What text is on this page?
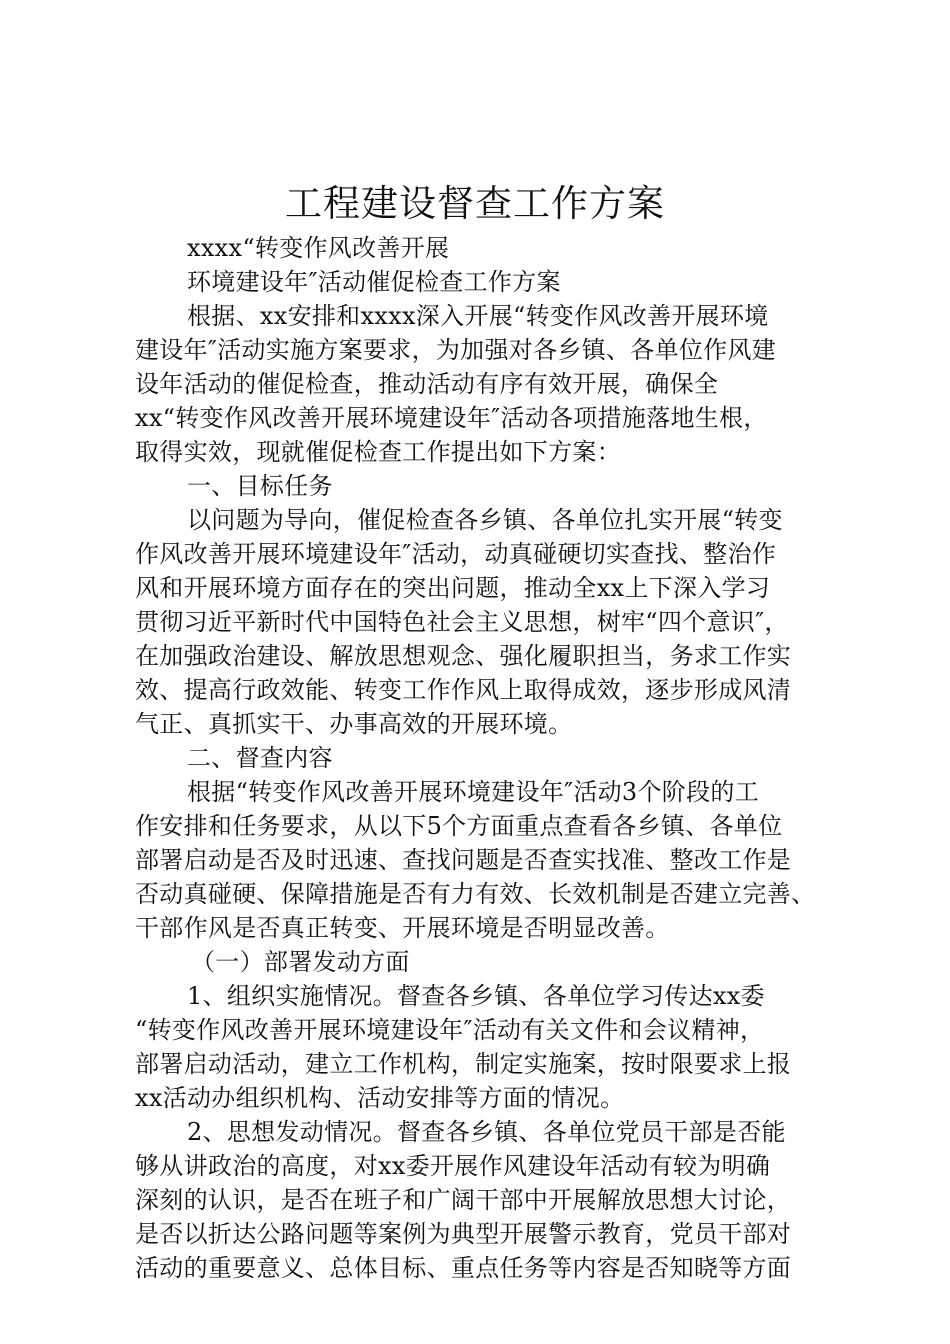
工程建设督查工作方案
xxxx“转变作风改善开展
环境建设年″活动催促检查工作方案
根据、xx安排和xxxx深入开展“转变作风改善开展环境
建设年″活动实施方案要求，为加强对各乡镇、各单位作风建
设年活动的催促检查，推动活动有序有效开展，确保全
xx“转变作风改善开展环境建设年″活动各项措施落地生根，
取得实效，现就催促检查工作提出如下方案：
一、目标任务
以问题为导向，催促检查各乡镇、各单位扎实开展“转变
作风改善开展环境建设年″活动，动真碰硬切实查找、整治作
风和开展环境方面存在的突出问题，推动全xx上下深入学习
贯彻习近平新时代中国特色社会主义思想，树牢“四个意识″，
在加强政治建设、解放思想观念、强化履职担当，务求工作实
效、提高行政效能、转变工作作风上取得成效，逐步形成风清
气正、真抓实干、办事高效的开展环境。
二、督查内容
根据“转变作风改善开展环境建设年″活动3个阶段的工
作安排和任务要求，从以下5个方面重点查看各乡镇、各单位
部署启动是否及时迅速、查找问题是否查实找准、整改工作是
否动真碰硬、保障措施是否有力有效、长效机制是否建立完善、
干部作风是否真正转变、开展环境是否明显改善。
（一）部署发动方面
1、组织实施情况。督查各乡镇、各单位学习传达xx委
“转变作风改善开展环境建设年″活动有关文件和会议精神，
部署启动活动，建立工作机构，制定实施案，按时限要求上报
xx活动办组织机构、活动安排等方面的情况。
2、思想发动情况。督查各乡镇、各单位党员干部是否能
够从讲政治的高度，对xx委开展作风建设年活动有较为明确
深刻的认识，是否在班子和广阔干部中开展解放思想大讨论，
是否以折达公路问题等案例为典型开展警示教育，党员干部对
活动的重要意义、总体目标、重点任务等内容是否知晓等方面
